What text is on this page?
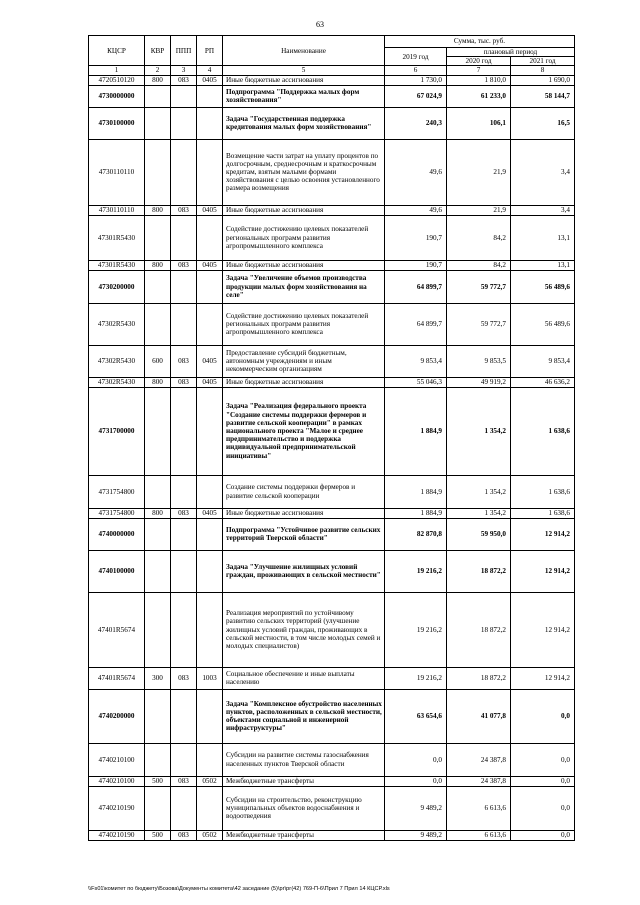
63
КЦСР	КВР	ППП	РП	Наименование	Сумма, тыс. руб.		
					2019 год	плановый период	
						2020 год	2021 год
1	2	3	4	5	6	7	8
4720510120	800	083	0405	Иные бюджетные ассигнования	1 730,0	1 810,0	1 690,0
4730000000				Подпрограмма "Поддержка малых форм хозяйствования"	67 024,9	61 233,0	58 144,7
4730100000				Задача "Государственная поддержка кредитования малых форм хозяйствования"	240,3	106,1	16,5
4730110110				Возмещение части затрат на уплату процентов по долгосрочным, среднесрочным и краткосрочным кредитам, взятым малыми формами хозяйствования с целью освоения установленного размера возмещения	49,6	21,9	3,4
4730110110	800	083	0405	Иные бюджетные ассигнования	49,6	21,9	3,4
47301R5430				Содействие достижению целевых показателей региональных программ развития агропромышленного комплекса	190,7	84,2	13,1
47301R5430	800	083	0405	Иные бюджетные ассигнования	190,7	84,2	13,1
4730200000				Задача "Увеличение объемов производства продукции малых форм хозяйствования на селе"	64 899,7	59 772,7	56 489,6
47302R5430				Содействие достижению целевых показателей региональных программ развития агропромышленного комплекса	64 899,7	59 772,7	56 489,6
47302R5430	600	083	0405	Предоставление субсидий бюджетным, автономным учреждениям и иным некоммерческим организациям	9 853,4	9 853,5	9 853,4
47302R5430	800	083	0405	Иные бюджетные ассигнования	55 046,3	49 919,2	46 636,2
4731700000				Задача "Реализация федерального проекта "Создание системы поддержки фермеров и развитие сельской кооперации" в рамках национального проекта "Малое и среднее предпринимательство и поддержка индивидуальной предпринимательской инициативы"	1 884,9	1 354,2	1 638,6
4731754800				Создание системы поддержки фермеров и развитие сельской кооперации	1 884,9	1 354,2	1 638,6
4731754800	800	083	0405	Иные бюджетные ассигнования	1 884,9	1 354,2	1 638,6
4740000000				Подпрограмма "Устойчивое развитие сельских территорий Тверской области"	82 870,8	59 950,0	12 914,2
4740100000				Задача "Улучшение жилищных условий граждан, проживающих в сельской местности"	19 216,2	18 872,2	12 914,2
47401R5674				Реализация мероприятий по устойчивому развитию сельских территорий (улучшение жилищных условий граждан, проживающих в сельской местности, в том числе молодых семей и молодых специалистов)	19 216,2	18 872,2	12 914,2
47401R5674	300	083	1003	Социальное обеспечение и иные выплаты населению	19 216,2	18 872,2	12 914,2
4740200000				Задача "Комплексное обустройство населенных пунктов, расположенных в сельской местности, объектами социальной и инженерной инфраструктуры"	63 654,6	41 077,8	0,0
4740210100				Субсидии на развитие системы газоснабжения населенных пунктов Тверской области	0,0	24 387,8	0,0
4740210100	500	083	0502	Межбюджетные трансферты	0,0	24 387,8	0,0
4740210190				Субсидии на строительство, реконструкцию муниципальных объектов водоснабжения и водоотведения	9 489,2	6 613,6	0,0
4740210190	500	083	0502	Межбюджетные трансферты	9 489,2	6 613,6	0,0
\\Fs01\комитет по бюджету\Бозова\Документы комитета\42 заседание (5)\рг\рг(42) 769-П-6\Прил 7 Прил 14 КЦСР.xls
